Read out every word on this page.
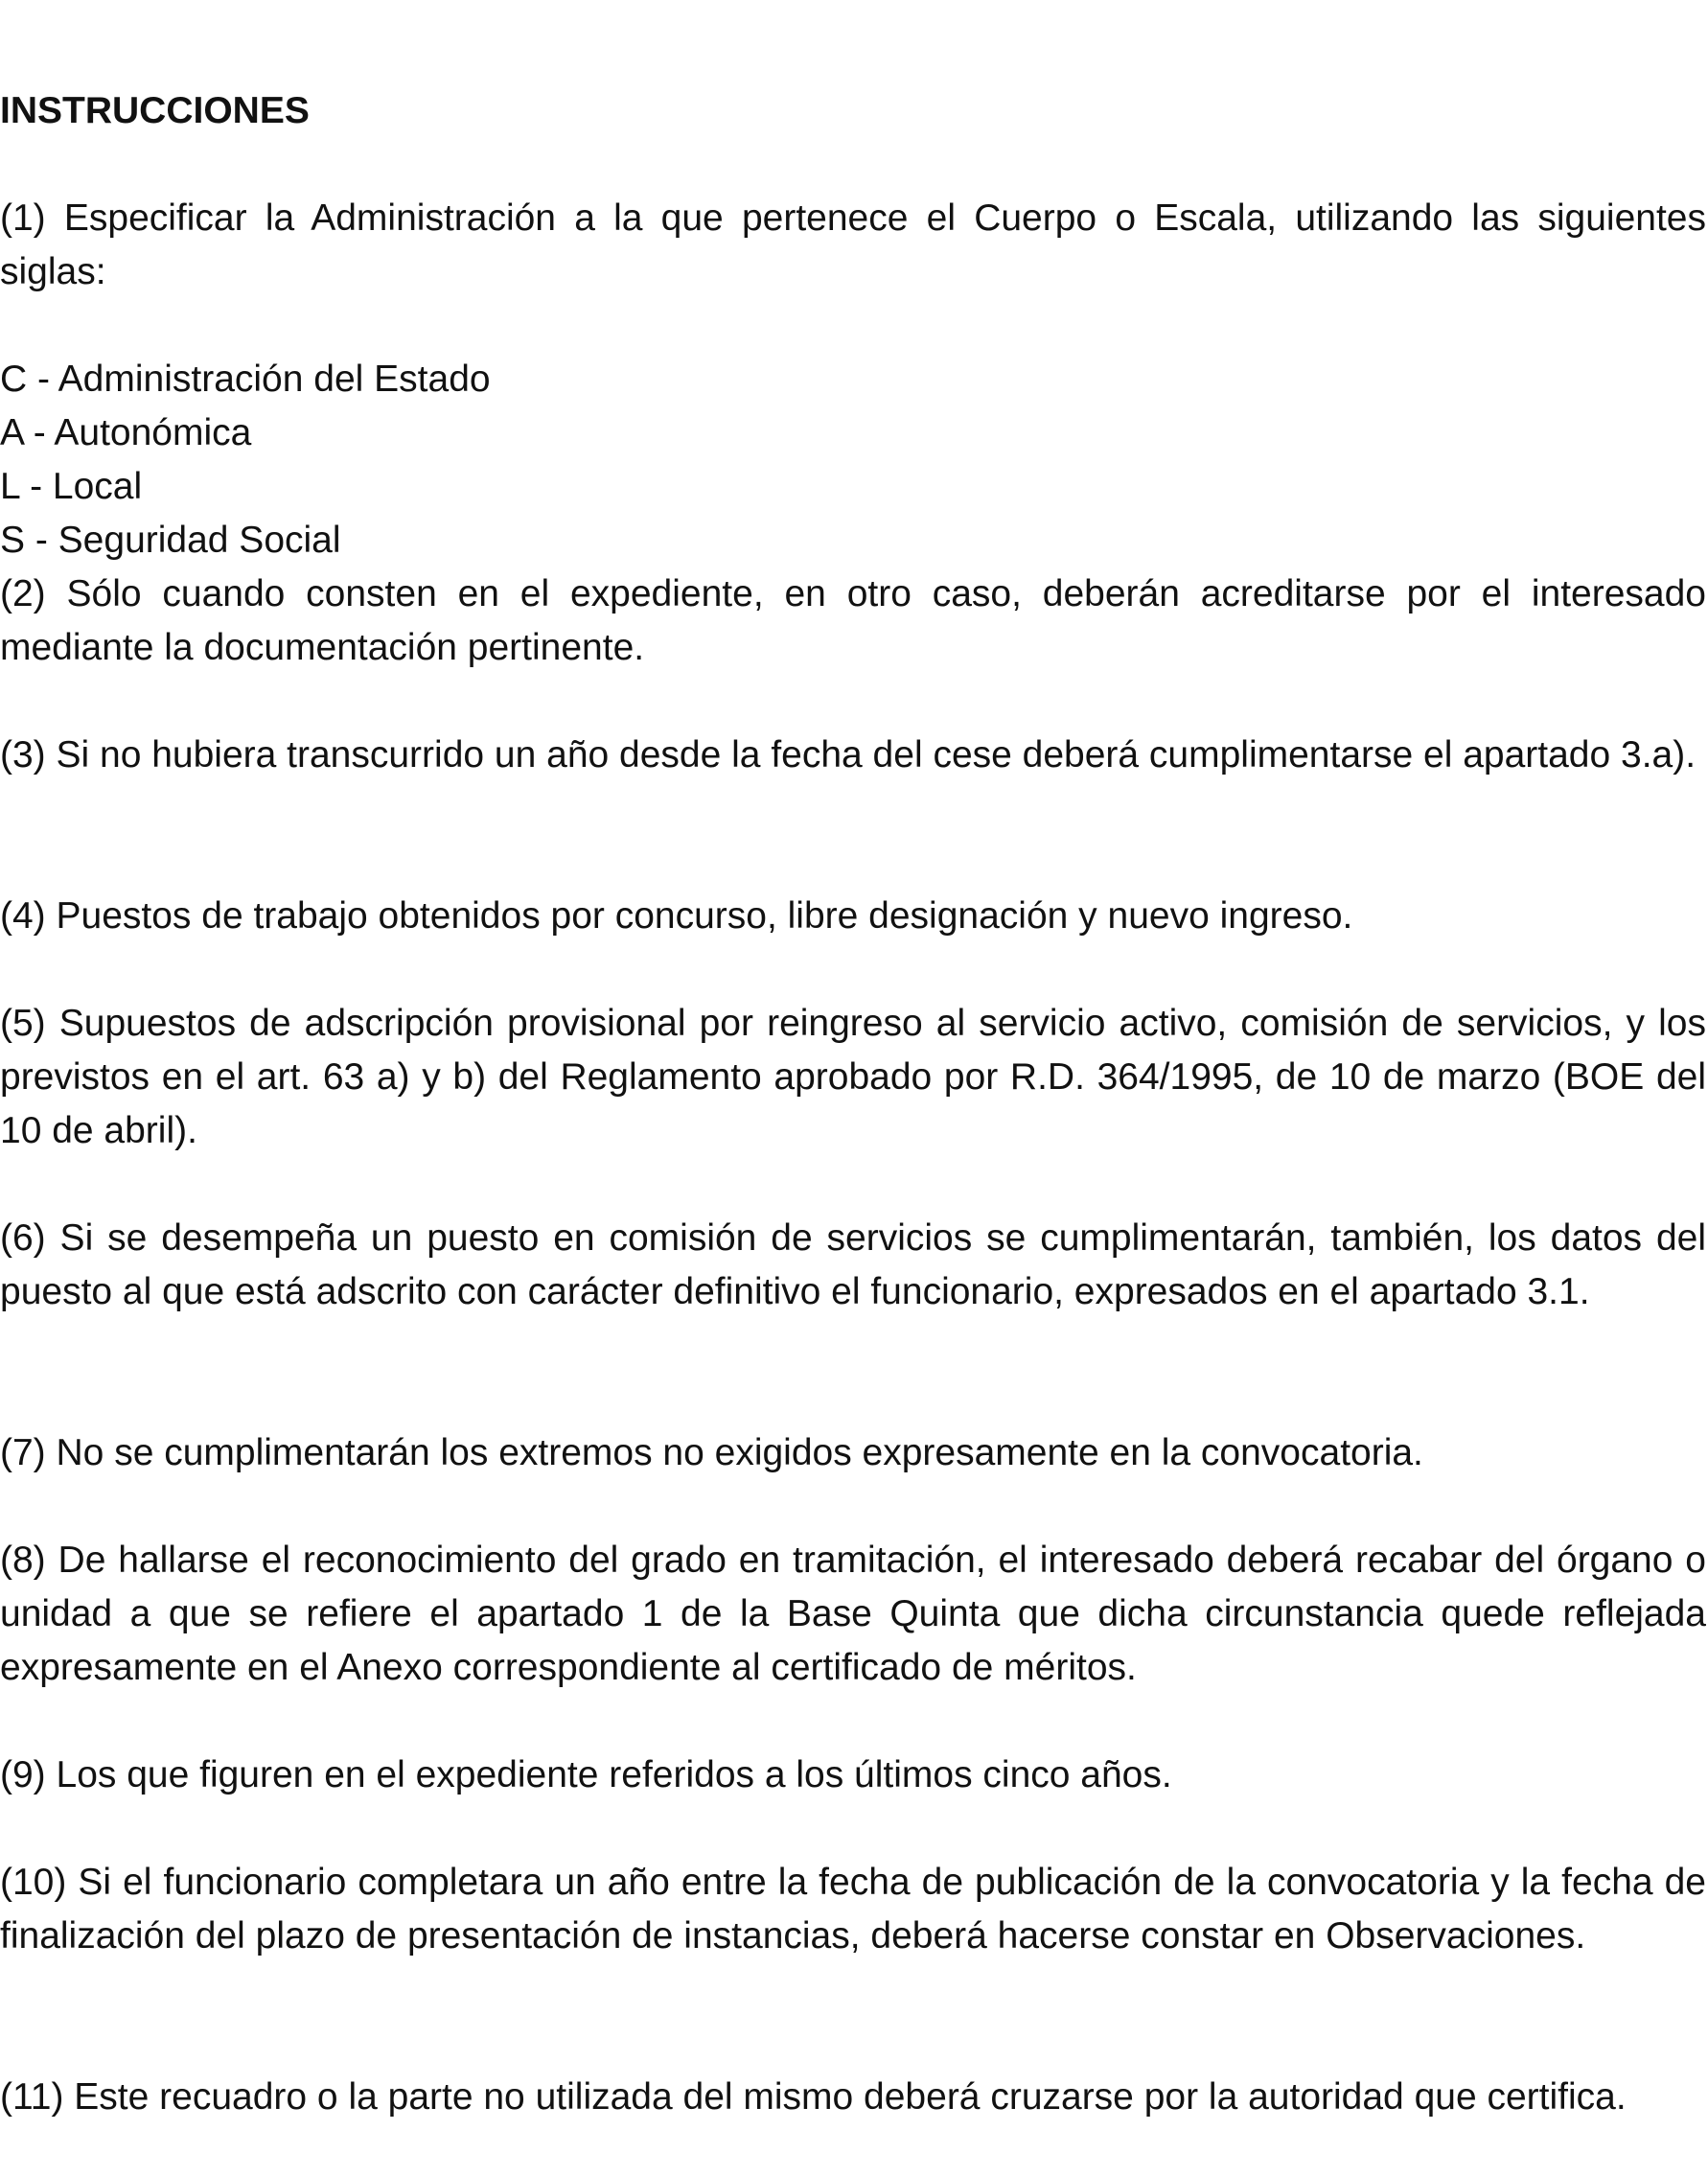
INSTRUCCIONES

(1) Especificar la Administración a la que pertenece el Cuerpo o Escala, utilizando las siguientes siglas:

C - Administración del Estado

A - Autonómica

L - Local

S - Seguridad Social

(2) Sólo cuando consten en el expediente, en otro caso, deberán acreditarse por el interesado mediante la documentación pertinente.

(3) Si no hubiera transcurrido un año desde la fecha del cese deberá cumplimentarse el apartado 3.a).

(4) Puestos de trabajo obtenidos por concurso, libre designación y nuevo ingreso.

(5) Supuestos de adscripción provisional por reingreso al servicio activo, comisión de servicios, y los previstos en el art. 63 a) y b) del Reglamento aprobado por R.D. 364/1995, de 10 de marzo (BOE del 10 de abril).

(6) Si se desempeña un puesto en comisión de servicios se cumplimentarán, también, los datos del puesto al que está adscrito con carácter definitivo el funcionario, expresados en el apartado 3.1.

(7) No se cumplimentarán los extremos no exigidos expresamente en la convocatoria.

(8) De hallarse el reconocimiento del grado en tramitación, el interesado deberá recabar del órgano o unidad a que se refiere el apartado 1 de la Base Quinta que dicha circunstancia quede reflejada expresamente en el Anexo correspondiente al certificado de méritos.

(9) Los que figuren en el expediente referidos a los últimos cinco años.

(10) Si el funcionario completara un año entre la fecha de publicación de la convocatoria y la fecha de finalización del plazo de presentación de instancias, deberá hacerse constar en Observaciones.

(11) Este recuadro o la parte no utilizada del mismo deberá cruzarse por la autoridad que certifica.
